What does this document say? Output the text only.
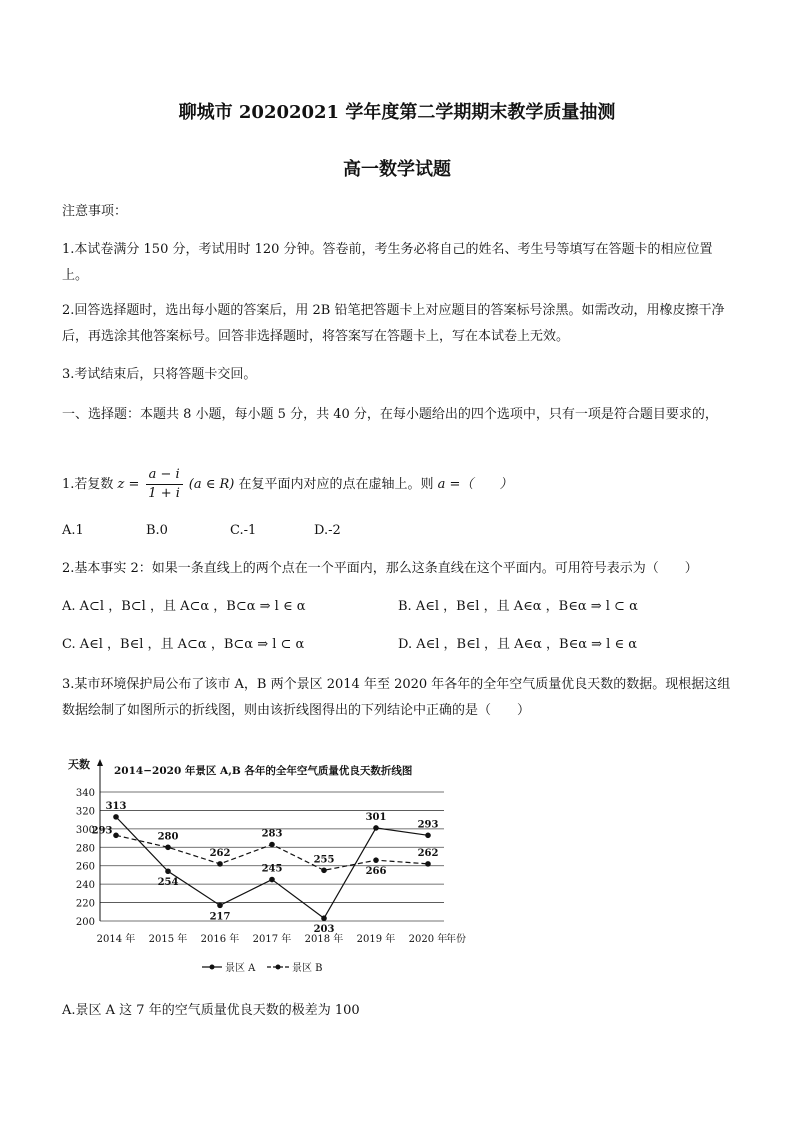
聊城市 20202021 学年度第二学期期末教学质量抽测
高一数学试题
注意事项：
1.本试卷满分 150 分，考试用时 120 分钟。答卷前，考生务必将自己的姓名、考生号等填写在答题卡的相应位置上。
2.回答选择题时，选出每小题的答案后，用 2B 铅笔把答题卡上对应题目的答案标号涂黑。如需改动，用橡皮擦干净后，再选涂其他答案标号。回答非选择题时，将答案写在答题卡上，写在本试卷上无效。
3.考试结束后，只将答题卡交回。
一、选择题：本题共 8 小题，每小题 5 分，共 40 分，在每小题给出的四个选项中，只有一项是符合题目要求的，
1.若复数 $z = \frac{a - i}{1 + i} (a$ ∈ R) 在复平面内对应的点在虚轴上。则 a =（　　）
A.1	B.0	C.-1	D.-2
2.基本事实 2：如果一条直线上的两个点在一个平面内，那么这条直线在这个平面内。可用符号表示为（　　）
A. A⊂l ，B⊂l ，且 A⊂α ，B⊂α ⇒ l ∈ α	B. A∈l ，B∈l ，且 A∈α ，B∈α ⇒ l ⊂ α
C. A∈l ，B∈l ，且 A⊂α ，B⊂α ⇒ l ⊂ α	D. A∈l ，B∈l ，且 A∈α ，B∈α ⇒ l ∈ α
3.某市环境保护局公布了该市 A，B 两个景区 2014 年至 2020 年各年的全年空气质量优良天数的数据。现根据这组数据绘制了如图所示的折线图，则由该折线图得出的下列结论中正确的是（　　）
2014−2020 年景区 A,B 各年的全年空气质量优良天数折线图
天数
200
220
240
260
280
300
320
340
2014 年 2015 年 2016 年 2017 年 2018 年 2019 年 2020 年
年份
313
254
217
245
203
301
293
293
280
262
283
255
266
262
景区 A	景区 B
A.景区 A 这 7 年的空气质量优良天数的极差为 100
